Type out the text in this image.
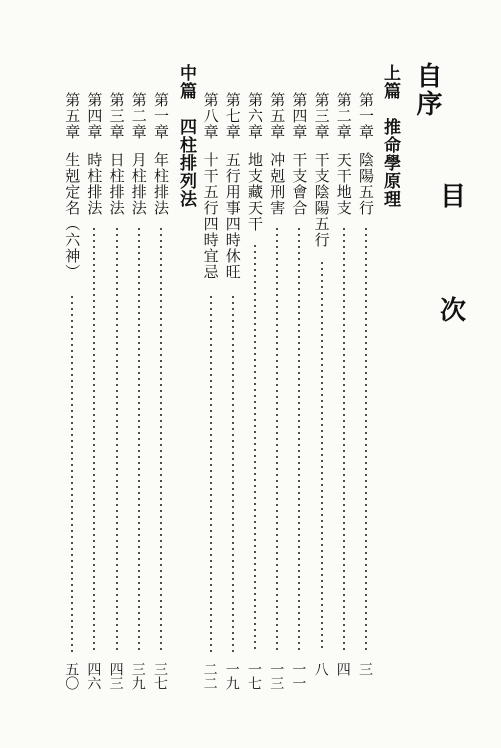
目
次
自序
上篇　推命學原理
第一章
陰陽五行
三
第二章
天干地支
四
第三章
干支陰陽五行
八
第四章
干支會合
一一
第五章
冲剋刑害
一三
第六章
地支藏天干
一七
第七章
五行用事四時休旺
一九
第八章
十干五行四時宜忌
二二
中篇　四柱排列法
第一章
年柱排法
三七
第二章
月柱排法
三九
第三章
日柱排法
四三
第四章
時柱排法
四六
第五章
生剋定名（六神）
五〇
